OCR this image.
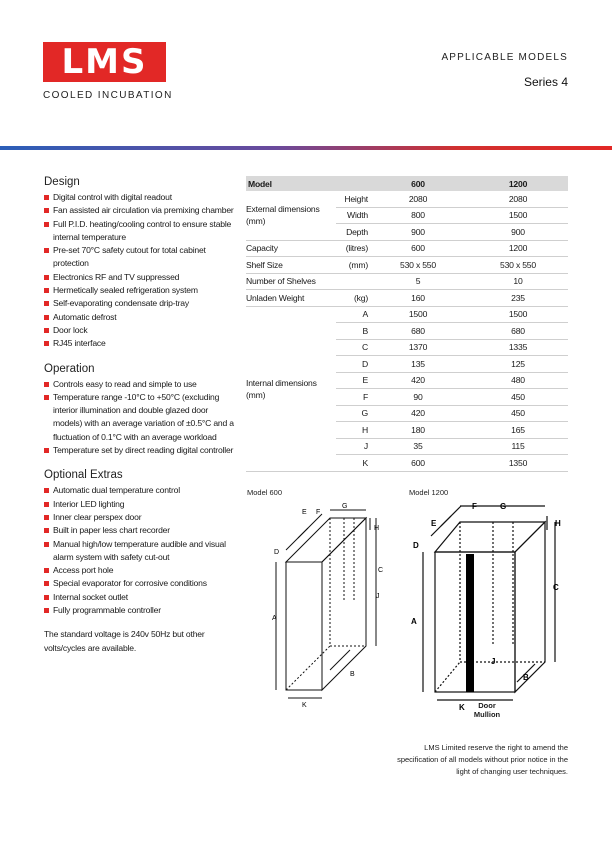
LMS
COOLED INCUBATION
APPLICABLE MODELS
Series 4
Design
Digital control with digital readout
Fan assisted air circulation via premixing chamber
Full P.I.D. heating/cooling control to ensure stable internal temperature
Pre-set 70°C safety cutout for total cabinet protection
Electronics RF and TV suppressed
Hermetically sealed refrigeration system
Self-evaporating condensate drip-tray
Automatic defrost
Door lock
RJ45 interface
Operation
Controls easy to read and simple to use
Temperature range -10°C to +50°C (excluding interior illumination and double glazed door models) with an average variation of ±0.5°C and a fluctuation of 0.1°C with an average workload
Temperature set by direct reading digital controller
Optional Extras
Automatic dual temperature control
Interior LED lighting
Inner clear perspex door
Built in paper less chart recorder
Manual high/low temperature audible and visual alarm system with safety cut-out
Access port hole
Special evaporator for corrosive conditions
Internal socket outlet
Fully programmable controller
The standard voltage is 240v 50Hz but other volts/cycles are available.
Model		600	1200
External dimensions (mm)	Height	2080	2080
	Width	800	1500
	Depth	900	900
Capacity	(litres)	600	1200
Shelf Size	(mm)	530 x 550	530 x 550
Number of Shelves		5	10
Unladen Weight	(kg)	160	235
Internal dimensions (mm)	A	1500	1500
	B	680	680
	C	1370	1335
	D	135	125
	E	420	480
	F	90	450
	G	420	450
	H	180	165
	J	35	115
	K	600	1350
Model 600	Model 1200
A
B
C
D
E F
G
H
J
K
A
B
C
D
E
F	G
H
J
K	Door Mullion
LMS Limited reserve the right to amend the specification of all models without prior notice in the light of changing user techniques.
